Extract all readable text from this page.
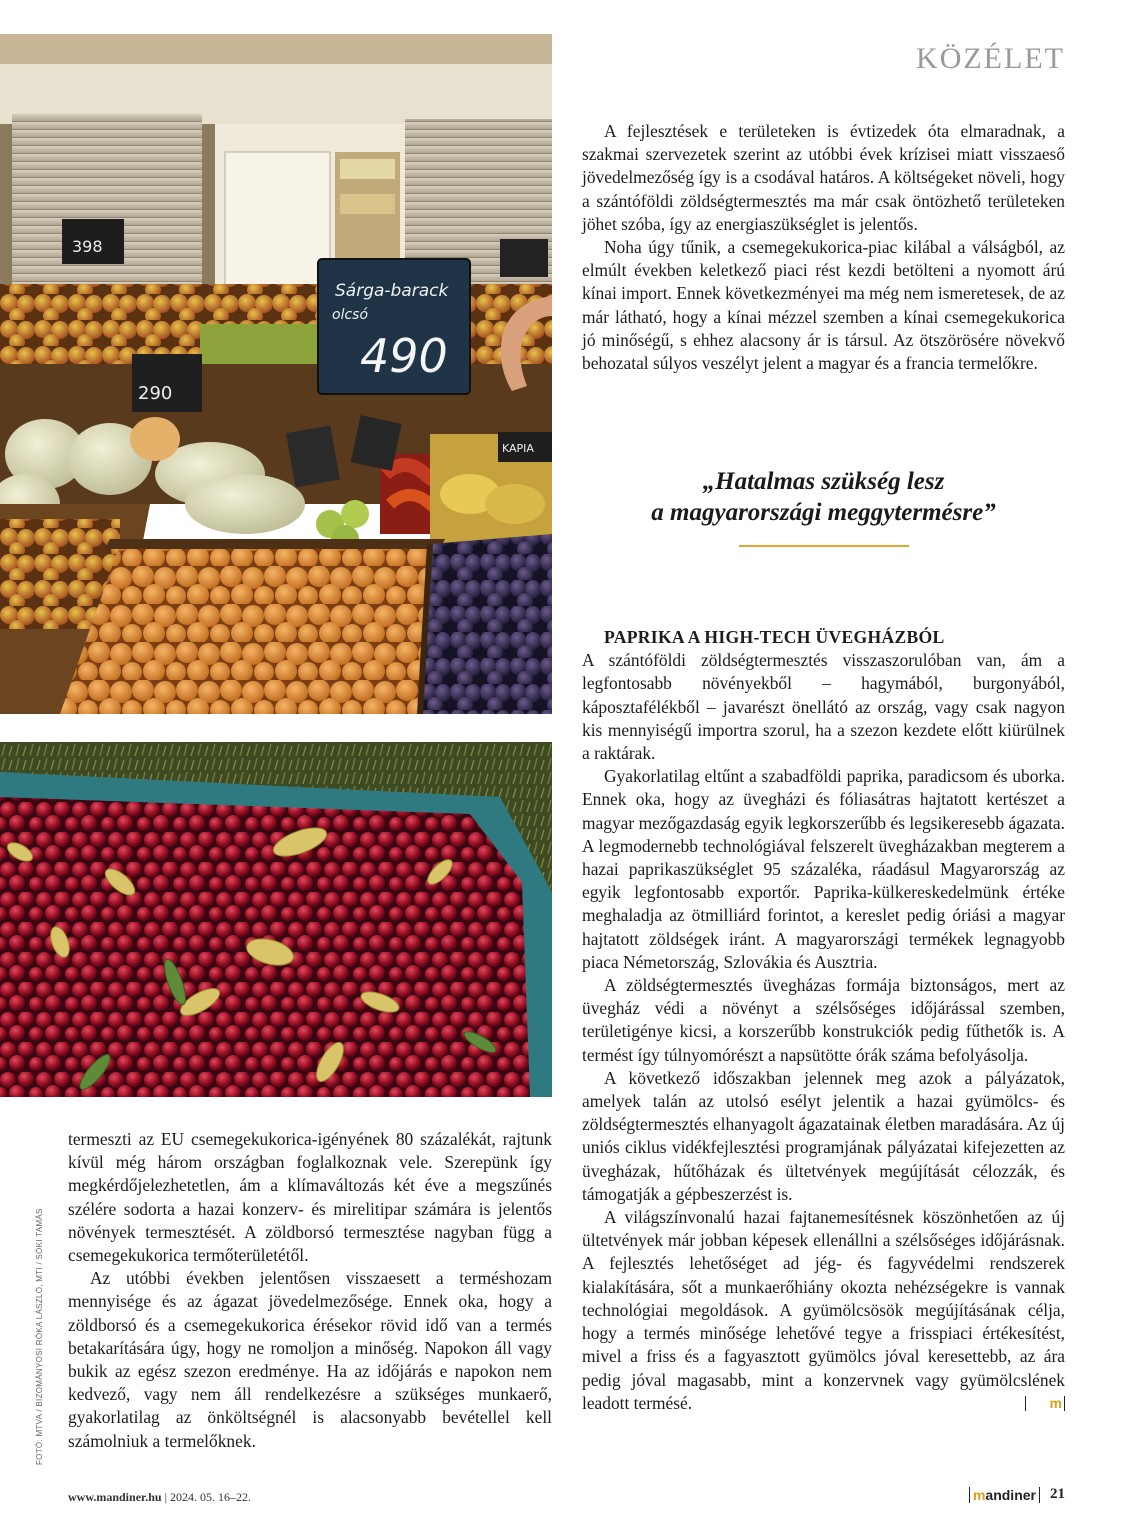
KÖZÉLET
Sárga-barack
olcsó
490
398
290
KAPIA

A fejlesztések e területeken is évtizedek óta elmaradnak, a szakmai szervezetek szerint az utóbbi évek krízisei miatt visszaeső jövedelmezőség így is a csodával határos. A költségeket növeli, hogy a szántóföldi zöldségtermesztés ma már csak öntözhető területeken jöhet szóba, így az energiaszükséglet is jelentős.

Noha úgy tűnik, a csemegekukorica-piac kilábal a válságból, az elmúlt években keletkező piaci rést kezdi betölteni a nyomott árú kínai import. Ennek következményei ma még nem ismeretesek, de az már látható, hogy a kínai mézzel szemben a kínai csemegekukorica jó minőségű, s ehhez alacsony ár is társul. Az ötszörösére növekvő behozatal súlyos veszélyt jelent a magyar és a francia termelőkre.

„Hatalmas szükség lesz
a magyarországi meggytermésre”

PAPRIKA A HIGH-TECH ÜVEGHÁZBÓL

A szántóföldi zöldségtermesztés visszaszorulóban van, ám a legfontosabb növényekből – hagymából, burgonyából, káposztafélékből – javarészt önellátó az ország, vagy csak nagyon kis mennyiségű importra szorul, ha a szezon kezdete előtt kiürülnek a raktárak.

Gyakorlatilag eltűnt a szabadföldi paprika, paradicsom és uborka. Ennek oka, hogy az üvegházi és fóliasátras hajtatott kertészet a magyar mezőgazdaság egyik legkorszerűbb és legsikeresebb ágazata. A legmodernebb technológiával felszerelt üvegházakban megterem a hazai paprikaszükséglet 95 százaléka, ráadásul Magyarország az egyik legfontosabb exportőr. Paprika-külkereskedelmünk értéke meghaladja az ötmilliárd forintot, a kereslet pedig óriási a magyar hajtatott zöldségek iránt. A magyarországi termékek legnagyobb piaca Németország, Szlovákia és Ausztria.

A zöldségtermesztés üvegházas formája biztonságos, mert az üvegház védi a növényt a szélsőséges időjárással szemben, területigénye kicsi, a korszerűbb konstrukciók pedig fűthetők is. A termést így túlnyomórészt a napsütötte órák száma befolyásolja.

A következő időszakban jelennek meg azok a pályázatok, amelyek talán az utolsó esélyt jelentik a hazai gyümölcs- és zöldségtermesztés elhanyagolt ágazatainak életben maradására. Az új uniós ciklus vidékfejlesztési programjának pályázatai kifejezetten az üvegházak, hűtőházak és ültetvények megújítását célozzák, és támogatják a gépbeszerzést is.

A világszínvonalú hazai fajtanemesítésnek köszönhetően az új ültetvények már jobban képesek ellenállni a szélsőséges időjárásnak. A fejlesztés lehetőséget ad jég- és fagyvédelmi rendszerek kialakítására, sőt a munkaerőhiány okozta nehézségekre is vannak technológiai megoldások. A gyümölcsösök megújításának célja, hogy a termés minősége lehetővé tegye a frisspiaci értékesítést, mivel a friss és a fagyasztott gyümölcs jóval keresettebb, az ára pedig jóval magasabb, mint a konzervnek vagy gyümölcslének leadott termésé.	m

termeszti az EU csemegekukorica-igényének 80 százalékát, rajtunk kívül még három országban foglalkoznak vele. Szerepünk így megkérdőjelezhetetlen, ám a klímaváltozás két éve a megszűnés szélére sodorta a hazai konzerv- és mirelitipar számára is jelentős növények termesztését. A zöldborsó termesztése nagyban függ a csemegekukorica termőterületétől.

Az utóbbi években jelentősen visszaesett a terméshozam mennyisége és az ágazat jövedelmezősége. Ennek oka, hogy a zöldborsó és a csemegekukorica érésekor rövid idő van a termés betakarítására úgy, hogy ne romoljon a minőség. Napokon áll vagy bukik az egész szezon eredménye. Ha az időjárás e napokon nem kedvező, vagy nem áll rendelkezésre a szükséges munkaerő, gyakorlatilag az önköltségnél is alacsonyabb bevétellel kell számolniuk a termelőknek.

FOTÓ: MTVA / BIZOMÁNYOSI RÓKA LÁSZLÓ, MTI / SÓKI TAMÁS
www.mandiner.hu | 2024. 05. 16–22.	mandiner 21
